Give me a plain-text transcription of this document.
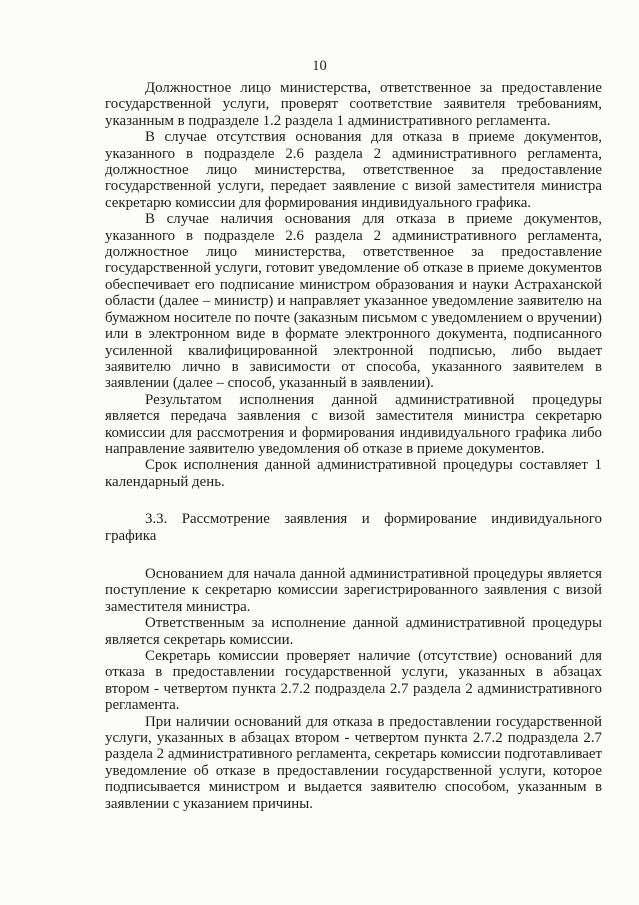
10

Должностное лицо министерства, ответственное за предоставление государственной услуги, проверят соответствие заявителя требованиям, указанным в подразделе 1.2 раздела 1 административного регламента.

В случае отсутствия основания для отказа в приеме документов, указанного в подразделе 2.6 раздела 2 административного регламента, должностное лицо министерства, ответственное за предоставление государственной услуги, передает заявление с визой заместителя министра секретарю комиссии для формирования индивидуального графика.

В случае наличия основания для отказа в приеме документов, указанного в подразделе 2.6 раздела 2 административного регламента, должностное лицо министерства, ответственное за предоставление государственной услуги, готовит уведомление об отказе в приеме документов обеспечивает его подписание министром образования и науки Астраханской области (далее – министр) и направляет указанное уведомление заявителю на бумажном носителе по почте (заказным письмом с уведомлением о вручении) или в электронном виде в формате электронного документа, подписанного усиленной квалифицированной электронной подписью, либо выдает заявителю лично в зависимости от способа, указанного заявителем в заявлении (далее – способ, указанный в заявлении).

Результатом исполнения данной административной процедуры является передача заявления с визой заместителя министра секретарю комиссии для рассмотрения и формирования индивидуального графика либо направление заявителю уведомления об отказе в приеме документов.

Срок исполнения данной административной процедуры составляет 1 календарный день.

3.3. Рассмотрение заявления и формирование индивидуального графика

Основанием для начала данной административной процедуры является поступление к секретарю комиссии зарегистрированного заявления с визой заместителя министра.

Ответственным за исполнение данной административной процедуры является секретарь комиссии.

Секретарь комиссии проверяет наличие (отсутствие) оснований для отказа в предоставлении государственной услуги, указанных в абзацах втором - четвертом пункта 2.7.2 подраздела 2.7 раздела 2 административного регламента.

При наличии оснований для отказа в предоставлении государственной услуги, указанных в абзацах втором - четвертом пункта 2.7.2 подраздела 2.7 раздела 2 административного регламента, секретарь комиссии подготавливает уведомление об отказе в предоставлении государственной услуги, которое подписывается министром и выдается заявителю способом, указанным в заявлении с указанием причины.
